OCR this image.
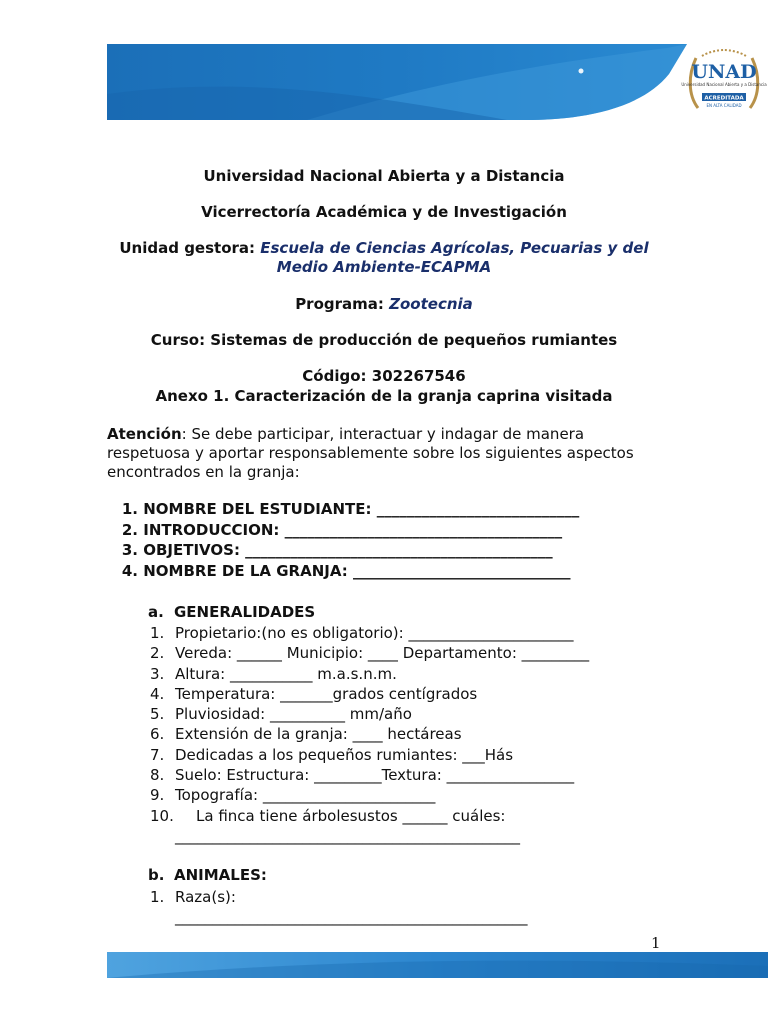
UNAD
Universidad Nacional Abierta y a Distancia
ACREDITADA
EN ALTA CALIDAD

Universidad Nacional Abierta y a Distancia

Vicerrectoría Académica y de Investigación

Unidad gestora: Escuela de Ciencias Agrícolas, Pecuarias y del
Medio Ambiente-ECAPMA

Programa: Zootecnia

Curso: Sistemas de producción de pequeños rumiantes

Código: 302267546

Anexo 1. Caracterización de la granja caprina visitada

Atención: Se debe participar, interactuar y indagar de manera respetuosa y aportar responsablemente sobre los siguientes aspectos encontrados en la granja:

1. NOMBRE DEL ESTUDIANTE: ___________________________
2. INTRODUCCION: _____________________________________
3. OBJETIVOS: _________________________________________
4. NOMBRE DE LA GRANJA: _____________________________

a. GENERALIDADES

1. Propietario:(no es obligatorio): ______________________
2. Vereda: ______ Municipio: ____ Departamento: _________
3. Altura: ___________ m.a.s.n.m.
4. Temperatura: _______grados centígrados
5. Pluviosidad: __________ mm/año
6. Extensión de la granja: ____ hectáreas
7. Dedicadas a los pequeños rumiantes: ___Hás
8. Suelo: Estructura: _________Textura: _________________
9. Topografía: _______________________
10. La finca tiene árbolesustos ______ cuáles:
______________________________________________

b. ANIMALES:

1. Raza(s):
_______________________________________________
1
